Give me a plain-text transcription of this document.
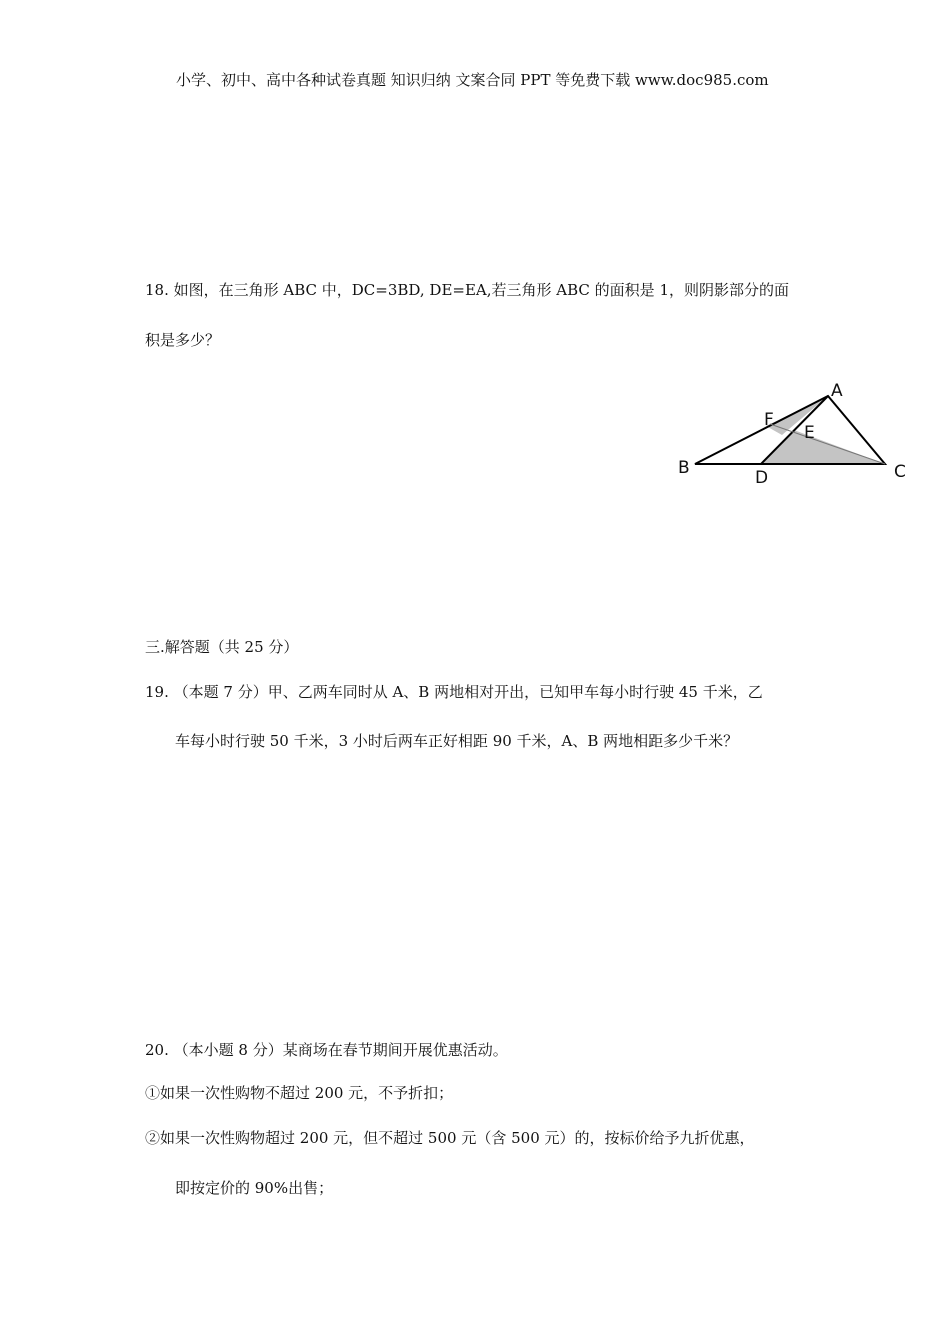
小学、初中、高中各种试卷真题 知识归纳 文案合同 PPT 等免费下载 www.doc985.com
18. 如图，在三角形 ABC 中，DC=3BD, DE=EA,若三角形 ABC 的面积是 1，则阴影部分的面
积是多少？
A
B	C
D
E
F
三.解答题（共 25 分）
19. （本题 7 分）甲、乙两车同时从 A、B 两地相对开出，已知甲车每小时行驶 45 千米，乙
车每小时行驶 50 千米，3 小时后两车正好相距 90 千米，A、B 两地相距多少千米？
20. （本小题 8 分）某商场在春节期间开展优惠活动。
①如果一次性购物不超过 200 元，不予折扣；
②如果一次性购物超过 200 元，但不超过 500 元（含 500 元）的，按标价给予九折优惠，
即按定价的 90%出售；
